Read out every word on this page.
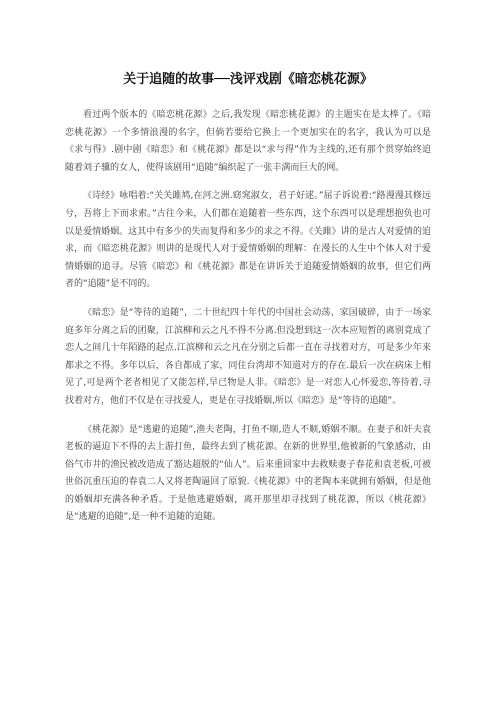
关于追随的故事──浅评戏剧《暗恋桃花源》

看过两个版本的《暗恋桃花源》之后,我发现《暗恋桃花源》的主题实在是太棒了。《暗恋桃花源》一个多情浪漫的名字，但倘若要给它换上一个更加实在的名字，我认为可以是《求与得》.剧中剧《暗恋》和《桃花源》都是以“求与得”作为主线的,还有那个贯穿始终追随着刘子骥的女人，使得该剧用“追随”编织起了一张丰满而巨大的网。

《诗经》咏唱着:“关关雎鸠,在河之洲.窈窕淑女，君子好逑。”屈子诉说着:“路漫漫其修远兮，吾将上下而求索。”古往今来，人们都在追随着一些东西，这个东西可以是理想抱负也可以是爱情婚姻。这其中有多少的失而复得和多少的求之不得。《关雎》讲的是古人对爱情的追求，而《暗恋桃花源》则讲的是现代人对于爱情婚姻的理解：在漫长的人生中个体人对于爱情婚姻的追寻。尽管《暗恋》和《桃花源》都是在讲诉关于追随爱情婚姻的故事，但它们两者的“追随”是不同的。

《暗恋》是“等待的追随”，二十世纪四十年代的中国社会动荡、家国破碎，由于一场家庭多年分离之后的团聚，江滨柳和云之凡不得不分离.但没想到这一次本应短暂的离别竟成了恋人之间几十年陌路的起点.江滨柳和云之凡在分别之后都一直在寻找着对方，可是多少年来都求之不得。多年以后，各自都成了家，同住台湾却不知道对方的存在.最后一次在病床上相见了,可是两个老者相见了又能怎样,早已物是人非。《暗恋》是一对恋人心怀爱恋,等待着,寻找着对方，他们不仅是在寻找爱人，更是在寻找婚姻,所以《暗恋》是“等待的追随”。

《桃花源》是“逃避的追随”,渔夫老陶，打鱼不顺,造人不顺,婚姻不顺。在妻子和奸夫袁老板的逼迫下不得的去上游打鱼，最终去到了桃花源。在新的世界里,他被新的气象感动，由俗气市井的渔民被改造成了豁达超脱的“仙人”。后来重回家中去救赎妻子春花和袁老板,可被世俗沉重压迫的春袁二人又将老陶逼回了原貌.《桃花源》中的老陶本来就拥有婚姻，但是他的婚姻却充满各种矛盾。于是他逃避婚姻，离开那里却寻找到了桃花源，所以《桃花源》是“逃避的追随”,是一种不追随的追随。
